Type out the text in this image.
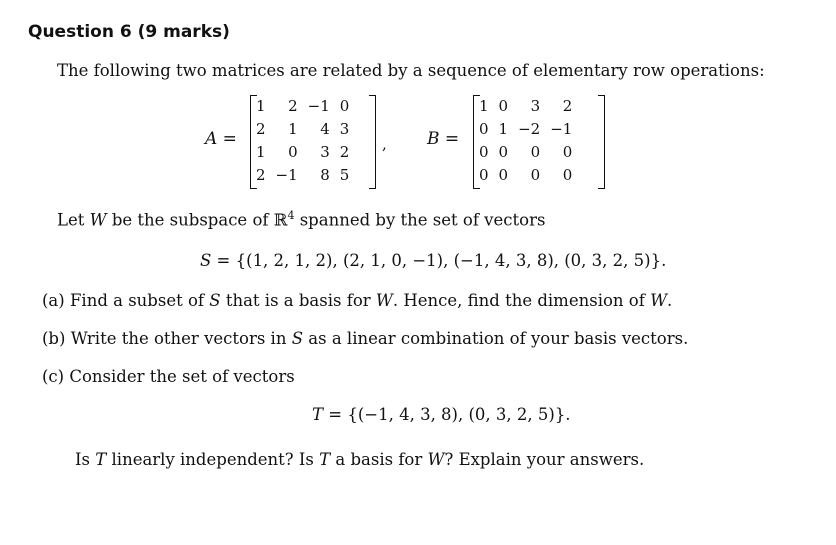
Question 6 (9 marks)
The following two matrices are related by a sequence of elementary row operations:
A =
1	2	−1	0
2	1	4	3
1	0	3	2
2	−1	8	5
, B =
1	0	3	2
0	1	−2	−1
0	0	0	0
0	0	0	0
Let W be the subspace of ℝ$^4$ spanned by the set of vectors
S = {(1, 2, 1, 2), (2, 1, 0, −1), (−1, 4, 3, 8), (0, 3, 2, 5)}.
(a) Find a subset of S that is a basis for W. Hence, find the dimension of W.
(b) Write the other vectors in S as a linear combination of your basis vectors.
(c) Consider the set of vectors
T = {(−1, 4, 3, 8), (0, 3, 2, 5)}.
Is T linearly independent? Is T a basis for W? Explain your answers.
